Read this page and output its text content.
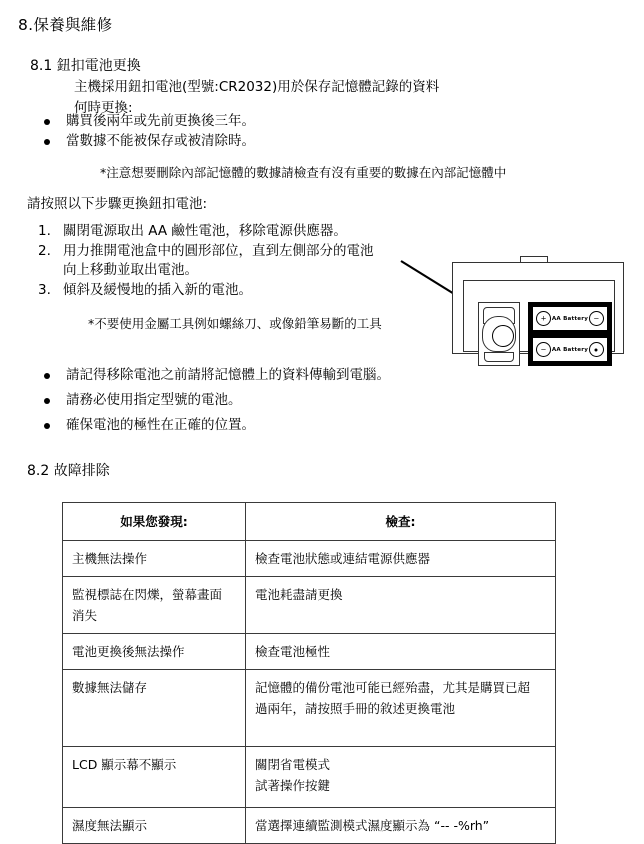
8.保養與維修
8.1 鈕扣電池更換
主機採用鈕扣電池(型號:CR2032)用於保存記憶體記錄的資料
何時更換:
購買後兩年或先前更換後三年。
當數據不能被保存或被清除時。
*注意想要刪除內部記憶體的數據請檢查有沒有重要的數據在內部記憶體中
請按照以下步驟更換鈕扣電池:
1. 關閉電源取出 AA 鹼性電池，移除電源供應器。
2. 用力推開電池盒中的圓形部位，直到左側部分的電池
向上移動並取出電池。
3. 傾斜及緩慢地的插入新的電池。
*不要使用金屬工具例如螺絲刀、或像鉛筆易斷的工具	+ AA Battery −
− AA Battery
請記得移除電池之前請將記憶體上的資料傳輸到電腦。
請務必使用指定型號的電池。
確保電池的極性在正確的位置。
8.2 故障排除
如果您發現:	檢查:

主機無法操作	檢查電池狀態或連結電源供應器

監視標誌在閃爍，螢幕畫面
消失	電池耗盡請更換

電池更換後無法操作	檢查電池極性

數據無法儲存	記憶體的備份電池可能已經殆盡，尤其是購買已超
過兩年，請按照手冊的敘述更換電池

LCD 顯示幕不顯示	關閉省電模式
試著操作按鍵

濕度無法顯示	當選擇連續監測模式濕度顯示為 “-- -%rh”
